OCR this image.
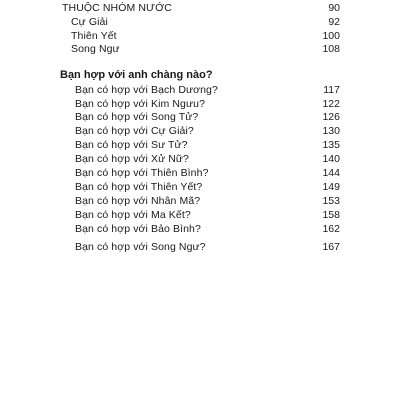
THUỘC NHÓM NƯỚC	90
Cự Giải	92
Thiên Yết	100
Song Ngư	108
Bạn hợp với anh chàng nào?
Bạn có hợp với Bạch Dương?	117
Bạn có hợp với Kim Ngưu?	122
Bạn có hợp với Song Tử?	126
Bạn có hợp với Cự Giải?	130
Bạn có hợp với Sư Tử?	135
Bạn có hợp với Xử Nữ?	140
Bạn có hợp với Thiên Bình?	144
Bạn có hợp với Thiên Yết?	149
Bạn có hợp với Nhân Mã?	153
Bạn có hợp với Ma Kết?	158
Bạn có hợp với Bảo Bình?	162
Bạn có hợp với Song Ngư?	167
